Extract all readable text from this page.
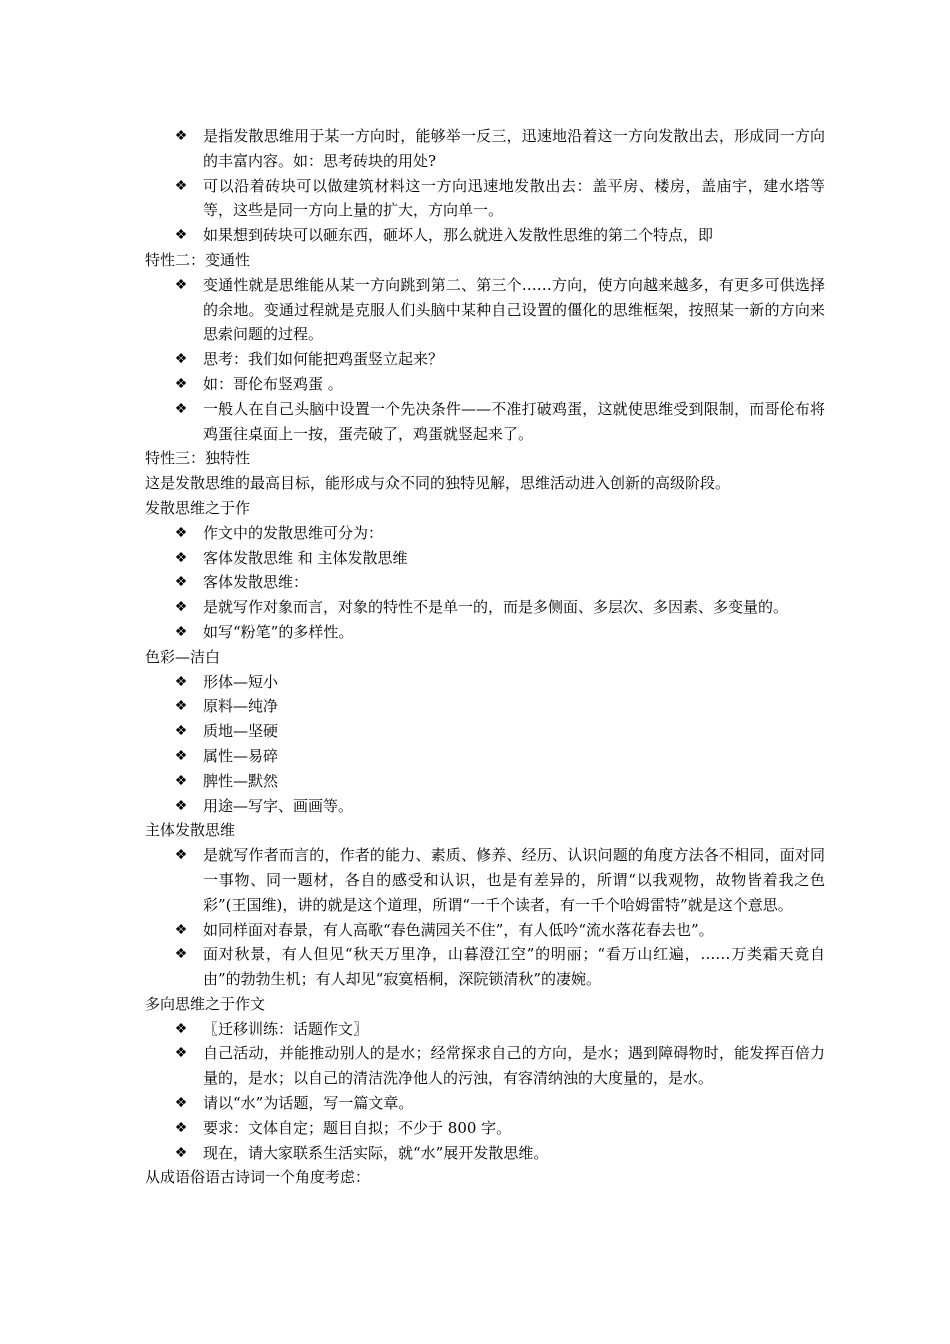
❖ 是指发散思维用于某一方向时，能够举一反三，迅速地沿着这一方向发散出去，形成同一方向的丰富内容。如：思考砖块的用处?
❖ 可以沿着砖块可以做建筑材料这一方向迅速地发散出去：盖平房、楼房，盖庙宇，建水塔等等，这些是同一方向上量的扩大，方向单一。
❖ 如果想到砖块可以砸东西，砸坏人，那么就进入发散性思维的第二个特点，即

特性二：变通性

❖ 变通性就是思维能从某一方向跳到第二、第三个……方向，使方向越来越多，有更多可供选择的余地。变通过程就是克服人们头脑中某种自己设置的僵化的思维框架，按照某一新的方向来思索问题的过程。
❖ 思考：我们如何能把鸡蛋竖立起来？
❖ 如：哥伦布竖鸡蛋 。
❖ 一般人在自己头脑中设置一个先决条件——不准打破鸡蛋，这就使思维受到限制，而哥伦布将鸡蛋往桌面上一按，蛋壳破了，鸡蛋就竖起来了。

特性三：独特性

这是发散思维的最高目标，能形成与众不同的独特见解，思维活动进入创新的高级阶段。

发散思维之于作

❖ 作文中的发散思维可分为：
❖ 客体发散思维 和 主体发散思维
❖ 客体发散思维：
❖ 是就写作对象而言，对象的特性不是单一的，而是多侧面、多层次、多因素、多变量的。
❖ 如写“粉笔”的多样性。

色彩—洁白

❖ 形体—短小
❖ 原料—纯净
❖ 质地—坚硬
❖ 属性—易碎
❖ 脾性—默然
❖ 用途—写字、画画等。

主体发散思维

❖ 是就写作者而言的，作者的能力、素质、修养、经历、认识问题的角度方法各不相同，面对同一事物、同一题材，各自的感受和认识，也是有差异的，所谓“以我观物，故物皆着我之色彩”(王国维)，讲的就是这个道理，所谓“一千个读者，有一千个哈姆雷特”就是这个意思。
❖ 如同样面对春景，有人高歌“春色满园关不住”，有人低吟“流水落花春去也”。
❖ 面对秋景，有人但见“秋天万里净，山暮澄江空”的明丽；“看万山红遍，……万类霜天竟自由”的勃勃生机；有人却见“寂寞梧桐，深院锁清秋”的凄婉。

多向思维之于作文

❖ 〖迁移训练：话题作文〗
❖ 自己活动，并能推动别人的是水；经常探求自己的方向，是水；遇到障碍物时，能发挥百倍力量的，是水；以自己的清洁洗净他人的污浊，有容清纳浊的大度量的，是水。
❖ 请以“水”为话题，写一篇文章。
❖ 要求：文体自定；题目自拟；不少于 800 字。
❖ 现在，请大家联系生活实际，就“水”展开发散思维。

从成语俗语古诗词一个角度考虑：
